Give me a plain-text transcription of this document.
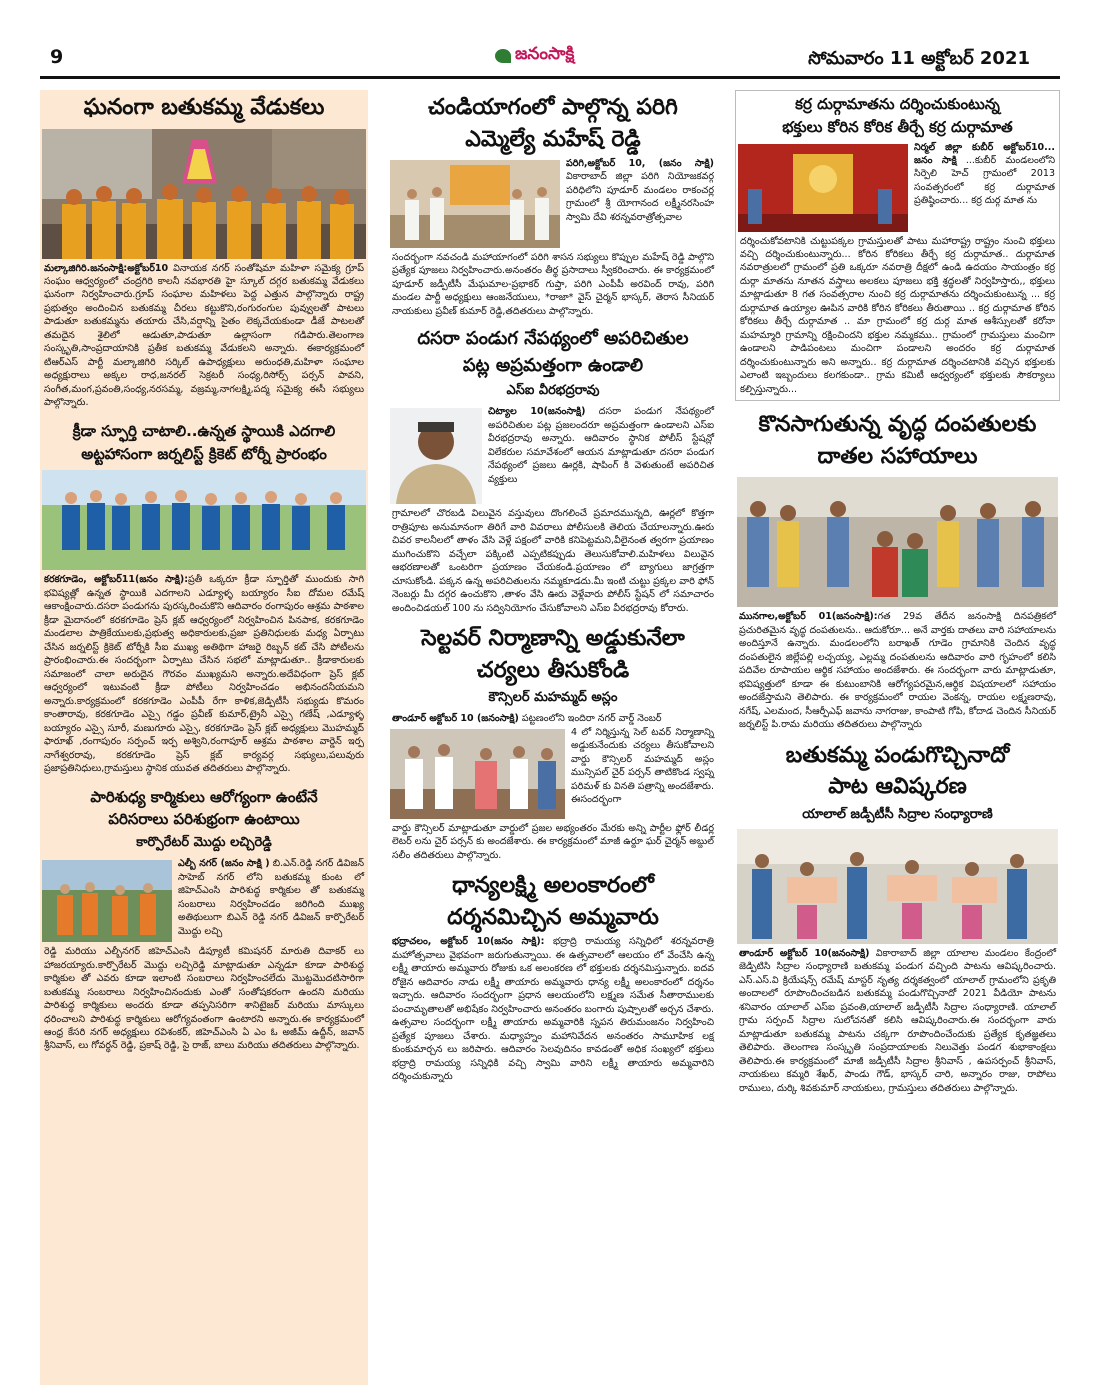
9	జనంసాక్షి	సోమవారం 11 అక్టోబర్ 2021
ఘనంగా బతుకమ్మ వేడుకలు
మల్కాజిగిరి.జనంసాక్షి:అక్టోబర్10 వినాయక నగర్ సంతోషిమా మహిళా సమైక్య గ్రూప్ సంఘం ఆధ్వర్యంలో చంద్రగిరి కాలనీ నవభారతి హై స్కూల్ దగ్గర బతుకమ్మ వేడుకలు ఘనంగా నిర్వహించారు.గ్రూప్ సంఘాల మహిళలు పెద్ద ఎత్తున పాల్గొన్నారు రాష్ట్ర ప్రభుత్వం అందించిన బతుకమ్మ చీరలు కట్టుకొని,రంగురంగుల పువ్వులతో పాటలు పాడుతూ బతుకమ్మను తయారు చేసి,వర్షాన్ని సైతం లెక్కచేయకుండా డీజే పాటలతో తమదైన శైలిలో ఆడుతూ,పాడుతూ ఉల్లాసంగా గడిపారు.తెలంగాణ సంస్కృతి,సాంప్రదాయానికి ప్రతీక బతుకమ్మ వేడుకలని అన్నారు. ఈకార్యక్రమంలో టిఆర్ఎస్ పార్టీ మల్కాజిగిరి సర్కిల్ ఉపాధ్యక్షులు అరుంధతి,మహిళా సంఘాల అధ్యక్షురాలు అక్కల రాధ,జనరల్ సెక్రటరీ సంధ్య,రిసోర్స్ పర్సన్ పావని, సంగీత,మంగ,ప్రవంతి,సంధ్య,నరసమ్మ, వజ్రమ్మ,నాగలక్ష్మి,పద్మ సమైక్య ఈసీ సభ్యులు పాల్గొన్నారు.
క్రీడా స్ఫూర్తి చాటాలి..ఉన్నత స్థాయికి ఎదగాలి
అట్టహాసంగా జర్నలిస్ట్ క్రికెట్ టోర్నీ ప్రారంభం
కరకగూడెం, అక్టోబర్11(జనం సాక్షి):ప్రతీ ఒక్కరూ క్రీడా స్ఫూర్తితో ముందుకు సాగి భవిష్యత్లో ఉన్నత స్థాయికి ఎదగాలని ఎడ్యూళ్ళ బయ్యారం సీఐ దోమల రమేష్ ఆకాంక్షించారు.దసరా పండుగను పురస్కరించుకొని ఆదివారం రంగాపురం ఆశ్రమ పాఠశాల క్రీడా మైదానంలో కరకగూడెం ప్రెస్ క్లబ్ ఆధ్వర్యంలో నిర్వహించిన పినపాక, కరకగూడెం మండలాల పాత్రికేయులకు,ప్రభుత్వ అధికారులకు,ప్రజా ప్రతినిధులకు మధ్య ఏర్పాటు చేసిన జర్నలిస్ట్ క్రికెట్ టోర్నీకి సీఐ ముఖ్య అతిథిగా హాజరై రిబ్బన్ కట్ చేసి పోటీలను ప్రారంభించారు.ఈ సందర్భంగా ఏర్పాటు చేసిన సభలో మాట్లాడుతూ.. క్రీడాకారులకు సమాజంలో చాలా అరుదైన గౌరవం ముఖ్యమని అన్నారు.అదేవిధంగా ప్రెస్ క్లబ్ ఆధ్వర్యంలో ఇటువంటి క్రీడా పోటీలు నిర్వహించడం అభినందనీయమని అన్నారు.కార్యక్రమంలో కరకగూడెం ఎంపీపీ రేగా కాళిక,జెడ్పిటీసీ సభ్యుడు కొమరం కాంతారావు, కరకగూడెం ఎస్సై గడ్డం ప్రవీణ్ కుమార్,ట్రైనీ ఎస్సై గణేష్ ,ఎడ్యూళ్ళ బయ్యారం ఎస్సై సూరీ, మణుగూరు ఎస్సై, కరకగూడెం ప్రెస్ క్లబ్ అధ్యక్షులు మొహమ్మద్ ఫారూఖ్ ,రంగాపురం సర్పంచ్ ఇర్ప అశ్విని,రంగాపూర్ ఆశ్రమ పాఠశాల వార్డెన్ ఇర్ప నాగేశ్వరరావు, కరకగూడెం ప్రెస్ క్లబ్ కార్యవర్గ సభ్యులు,పలువురు ప్రజాప్రతినిధులు,గ్రామస్తులు స్థానిక యువత తదితరులు పాల్గొన్నారు.
పారిశుధ్య కార్మికులు ఆరోగ్యంగా ఉంటేనే
పరిసరాలు పరిశుభ్రంగా ఉంటాయి
కార్పొరేటర్ మొద్దు లచ్చిరెడ్డి
ఎల్బీ నగర్ (జనం సాక్షి ) బి.ఎన్.రెడ్డి నగర్ డివిజన్ సాహెబ్ నగర్ లోని బతుకమ్మ కుంట లో జిహెచ్ఎంసి పారిశుద్ధ కార్మికుల తో బతుకమ్మ సంబరాలు నిర్వహించడం జరిగింది ముఖ్య అతిథులుగా బిఎన్ రెడ్డి నగర్ డివిజన్ కార్పొరేటర్ మొద్దు లచ్చి
రెడ్డి మరియు ఎల్బీనగర్ జిహెచ్ఎంసి డిప్యూటీ కమిషనర్ మారుతి దివాకర్ లు హాజరయ్యారు.కార్పొరేటర్ మొద్దు లచ్చిరెడ్డి మాట్లాడుతూ ఎన్నడూ కూడా పారిశుద్ధ కార్మికుల తో ఎవరు కూడా ఇలాంటి సంబరాలు నిర్వహించలేదు మొట్టమొదటిసారిగా బతుకమ్మ సంబరాలు నిర్వహించినందుకు ఎంతో సంతోషకరంగా ఉందని మరియు పారిశుద్ధ కార్మికులు అందరు కూడా తప్పనిసరిగా శానిటైజర్ మరియు మాస్కులు ధరించాలని పారిశుద్ధ కార్మికులు ఆరోగ్యవంతంగా ఉంటారని అన్నారు.ఈ కార్యక్రమంలో ఆంధ్ర కేసరి నగర్ అధ్యక్షులు రవిశంకర్, జిహెచ్ఎంసి ఏ ఎం ఓ అజీమ్ ఉద్దీన్, జవాన్ శ్రీనివాస్, లు గోవర్ధన్ రెడ్డి, ప్రకాష్ రెడ్డి, సై రాజ్, బాలు మరియు తదితరులు పాల్గొన్నారు.
చండియాగంలో పాల్గొన్న పరిగి
ఎమ్మెల్యే మహేష్ రెడ్డి
పరిగి,అక్టోబర్ 10, (జనం సాక్షి) వికారాబాద్ జిల్లా పరిగి నియోజకవర్గ పరిధిలోని పూడూర్ మండలం రాకంచర్ల గ్రామంలో శ్రీ యోగానంద లక్ష్మీనరసింహ స్వామి దేవి శరన్నవరాత్రోత్సవాల
సందర్భంగా నవచండి మహాయాగంలో పరిగి శాసన సభ్యులు కొప్పుల మహేష్ రెడ్డి పాల్గొని ప్రత్యేక పూజలు నిర్వహించారు.అనంతరం తీర్థ ప్రసాదాలు స్వీకరించారు. ఈ కార్యక్రమంలో పూడూర్ జడ్పీటీసీ మేఘమాల-ప్రభాకర్ గుప్తా, పరిగి ఎంపీపీ అరవింద్ రావు, పరిగి మండల పార్టీ అధ్యక్షులు ఆంజనేయులు, *రాజా* వైస్ చైర్మన్ భాస్కర్, తెరాస సీనియర్ నాయకులు ప్రవీణ్ కుమార్ రెడ్డి,తదితరులు పాల్గొన్నారు.
దసరా పండుగ నేపథ్యంలో అపరిచితుల
పట్ల అప్రమత్తంగా ఉండాలి
ఎస్ఐ వీరభద్రరావు
చిట్యాల 10(జనంసాక్షి) దసరా పండుగ నేపథ్యంలో అపరిచితుల పట్ల ప్రజలందరూ అప్రమత్తంగా ఉండాలని ఎస్ఐ వీరభద్రరావు అన్నారు. ఆదివారం స్థానిక పోలీస్ స్టేషన్లో విలేకరుల సమావేశంలో ఆయన మాట్లాడుతూ దసరా పండుగ నేపథ్యంలో ప్రజలు ఊర్లకి, షాపింగ్ కి వెళుతుంటే అపరిచిత వ్యక్తులు
గ్రామాలలో చొరబడి విలువైన వస్తువులు దొంగలించే ప్రమాదమున్నది, ఊర్లలో కొత్తగా రాత్రిపూట అనుమానంగా తిరిగే వారి వివరాలు పోలీసులకి తెలియ చేయాలన్నారు.ఊరు చివర కాలనీలలో తాళం వేసి వెళ్లే పక్షంలో వారికి కనిపెట్టమని,వీలైనంత త్వరగా ప్రయాణం ముగించుకొని వచ్చేలా పక్కింటి ఎప్పటికప్పుడు తెలుసుకోవాలి.మహిళలు విలువైన ఆభరణాలతో ఒంటరిగా ప్రయాణం చేయకండి.ప్రయాణం లో బ్యాగులు జాగ్రత్తగా చూసుకోండి. పక్కన ఉన్న అపరిచితులను నమ్మకూడదు.మీ ఇంటి చుట్టు ప్రక్కల వారి ఫోన్ నెంబర్లు మీ దగ్గర ఉంచుకొని ,తాళం వేసి ఊరు వెళ్లేవారు పోలీస్ స్టేషన్ లో సమాచారం అందించిడయల్ 100 ను సద్వినియోగం చేసుకోవాలని ఎస్ఐ వీరభద్రరావు కోరారు.
సెల్టవర్ నిర్మాణాన్ని అడ్డుకునేలా
చర్యలు తీసుకోండి
కౌన్సిలర్ మహమ్మద్ అస్లం
తాండూర్ అక్టోబర్ 10 (జనంసాక్షి) పట్టణంలోని ఇందిరా నగర్ వార్డ్ నెంబర్
4 లో నిర్మిస్తున్న సెల్ టవర్ నిర్మాణాన్ని అడ్డుకునేందుకు చర్యలు తీసుకోవాలని వార్డు కౌన్సిలర్ మహమ్మద్ అస్లం మున్సిపల్ చైర్ పర్సన్ తాటికొండ స్వప్న పరిమళ్ కు వినతి పత్రాన్ని అందజేశారు. ఈసందర్భంగా
వార్డు కౌన్సిలర్ మాట్లాడుతూ వార్డులో ప్రజల అభ్యంతరం మేరకు అన్ని పార్టీల ఫ్లోర్ లీడర్ల లెటర్ లను చైర్ పర్సన్ కు అందజేశారు. ఈ కార్యక్రమంలో మాజీ ఉర్దూ ఘర్ చైర్మన్ అబ్దుల్ సలీం తదితరులు పాల్గొన్నారు.
ధాన్యలక్ష్మి అలంకారంలో
దర్శనమిచ్చిన అమ్మవారు
భద్రాచలం, అక్టోబర్ 10(జనం సాక్షి): భద్రాద్రి రామయ్య సన్నిధిలో శరన్నవరాత్రి మహోత్సవాలు వైభవంగా జరుగుతున్నాయి. ఈ ఉత్సవాలలో ఆలయం లో వేంచేసి ఉన్న లక్ష్మీ తాయారు అమ్మవారు రోజుకు ఒక అలంకరణ లో భక్తులకు దర్శనమిస్తున్నారు. ఐదవ రోజైన ఆదివారం నాడు లక్ష్మీ తాయారు అమ్మవారు ధాన్య లక్ష్మీ అలంకారంలో దర్శనం ఇచ్చారు. ఆదివారం సందర్భంగా ప్రధాన ఆలయంలోని లక్ష్మణ సమేత సీతారాములకు పంచామృతాలతో అభిషేకం నిర్వహించారు అనంతరం బంగారు పుష్పాలతో అర్చన చేశారు. ఉత్సవాల సందర్భంగా లక్ష్మీ తాయారు అమ్మవారికి స్నపన తిరుమంజనం నిర్వహించి ప్రత్యేక పూజలు చేశారు. మధ్యాహ్నం మహానివేదన అనంతరం సామూహిక లక్ష కుంకుమార్చన లు జరిపారు. ఆదివారం సెలవుదినం కావడంతో అధిక సంఖ్యలో భక్తులు భద్రాద్రి రామయ్య సన్నిధికి వచ్చి స్వామి వారిని లక్ష్మీ తాయారు అమ్మవారిని దర్శించుకున్నారు
కర్ర దుర్గామాతను దర్శించుకుంటున్న
భక్తులు కోరిన కోరిక తీర్చే కర్ర దుర్గామాత
నిర్మల్ జిల్లా కుబీర్ అక్టోబర్10... జనం సాక్షి ...కుబీర్ మండలంలోని సిర్పెలి హెచ్ గ్రామంలో 2013 సంవత్సరంలో కర్ర దుర్గామాత ప్రతిష్ఠించారు... కర్ర దుర్గ మాత ను
దర్శించుకోవటానికి చుట్టుపక్కల గ్రామస్తులతో పాటు మహారాష్ట్ర రాష్ట్రం నుంచి భక్తులు వచ్చి దర్శించుకుంటున్నారు... కోరిన కోరికలు తీర్చే కర్ర దుర్గామాత.. దుర్గామాత నవరాత్రులలో గ్రామంలో ప్రతి ఒక్కరూ నవరాత్రి దీక్షలో ఉండి ఉదయం సాయంత్రం కర్ర దుర్గా మాతను నూతన వస్త్రాలు అలకలు పూజలు భక్తి శ్రద్ధలతో నిర్వహిస్తారు,, భక్తులు మాట్లాడుతూ 8 గత సంవత్సరాల నుంచి కర్ర దుర్గామాతను దర్శించుకుంటున్న ... కర్ర దుర్గామాత ఉయ్యాల ఊపిన వారికి కోరిన కోరికలు తీరుతాయి .. కర్ర దుర్గామాత కోరిన కోరికలు తీర్చే దుర్గామాత .. మా గ్రామంలో కర్ర దుర్గ మాత ఆశీస్సులతో కరోనా మహమ్మారి గ్రామాన్ని రక్షించిందని భక్తుల నమ్మకము.. గ్రామంలో గ్రామస్తులు మంచిగా ఉండాలని పాడిపంటలు మంచిగా పండాలని అందరం కర్ర దుర్గామాత దర్శించుకుంటున్నారు అని అన్నారు.. కర్ర దుర్గామాత దర్శించటానికి వచ్చిన భక్తులకు ఎలాంటి ఇబ్బందులు కలగకుండా.. గ్రామ కమిటీ ఆధ్వర్యంలో భక్తులకు సౌకర్యాలు కల్పిస్తున్నారు...
కొనసాగుతున్న వృద్ధ దంపతులకు
దాతల సహాయాలు
మునగాల,అక్టోబర్ 01(జనంసాక్షి):గత 29వ తేదీన జనంసాక్షి దినపత్రికలో ప్రచురితమైన వృద్ధ దంపతులను.. ఆదుకోరూ... అనే వార్తకు దాతలు వారి సహాయాలను అందిస్తూనే ఉన్నారు. మండలంలోని బరాఖత్ గూడెం గ్రామానికి చెందిన వృద్ధ దంపతులైన జిల్లేపల్లి లచ్చయ్య, ఎల్లమ్మ దంపతులను ఆదివారం వారి గృహంలో కలిసి పదివేల రూపాయల ఆర్థిక సహాయం అందజేశారు. ఈ సందర్భంగా వారు మాట్లాడుతూ, భవిష్యత్తులో కూడా ఈ కుటుంబానికి ఆరోగ్యపరమైన,ఆర్థిక విషయాలలో సహాయం అందజేస్తామని తెలిపారు. ఈ కార్యక్రమంలో రాయల వెంకన్న, రాయల లక్ష్మణరావు, నగేష్, ఎలమంద, సీఆర్పీఎఫ్ జవాను నాగరాజు, కాంపాటి గోపి, కోదాడ చెందిన సీనియర్ జర్నలిస్ట్ పి.రామ మరియు తదితరులు పాల్గొన్నారు
బతుకమ్మ పండుగొచ్చినాదో
పాట ఆవిష్కరణ
యాలాల్ జడ్పీటీసీ సిద్రాల సంధ్యారాణి
తాండూర్ అక్టోబర్ 10(జనంసాక్షి) వికారాబాద్ జిల్లా యాలాల మండలం కేంద్రంలో జెడ్పిటిసి సిద్రాల సంధ్యారాణి బతుకమ్మ పండుగ వచ్చింది పాటను ఆవిష్కరించారు. ఎస్.ఎస్.వి క్రియేషన్స్ రమేష్ మాస్టర్ నృత్య దర్శకత్వంలో యాలాల్ గ్రామంలోని ప్రకృతి అందాలలో రూపొందించబడిన బతుకమ్మ పండుగొచ్చినాదో 2021 వీడియో పాటను శనివారం యాలాల్ ఎస్ఐ ప్రవంతి,యాలాల్ జడ్పీటీసీ సిద్రాల సంధ్యారాణి. యాలాల్ గ్రామ సర్పంచ్ సిద్రాల సులోచనతో కలిసి ఆవిష్కరించారు.ఈ సందర్భంగా వారు మాట్లాడుతూ బతుకమ్మ పాటను చక్కగా రూపొందించేందుకు ప్రత్యేక కృతజ్ఞతలు తెలిపారు. తెలంగాణ సంస్కృతి సంప్రదాయాలకు నిలువెత్తు పండగ శుభాకాంక్షలు తెలిపారు.ఈ కార్యక్రమంలో మాజీ జడ్పీటీసీ సిద్రాల శ్రీనివాస్ , ఉపసర్పంచ్ శ్రీనివాస్, నాయకులు కమ్మరి శేఖర్, పాండు గౌడ్, భాస్కర్ చారి, అన్నారం రాజు, రాపోలు రాములు, దుర్కి శివకుమార్ నాయకులు, గ్రామస్తులు తదితరులు పాల్గొన్నారు.
